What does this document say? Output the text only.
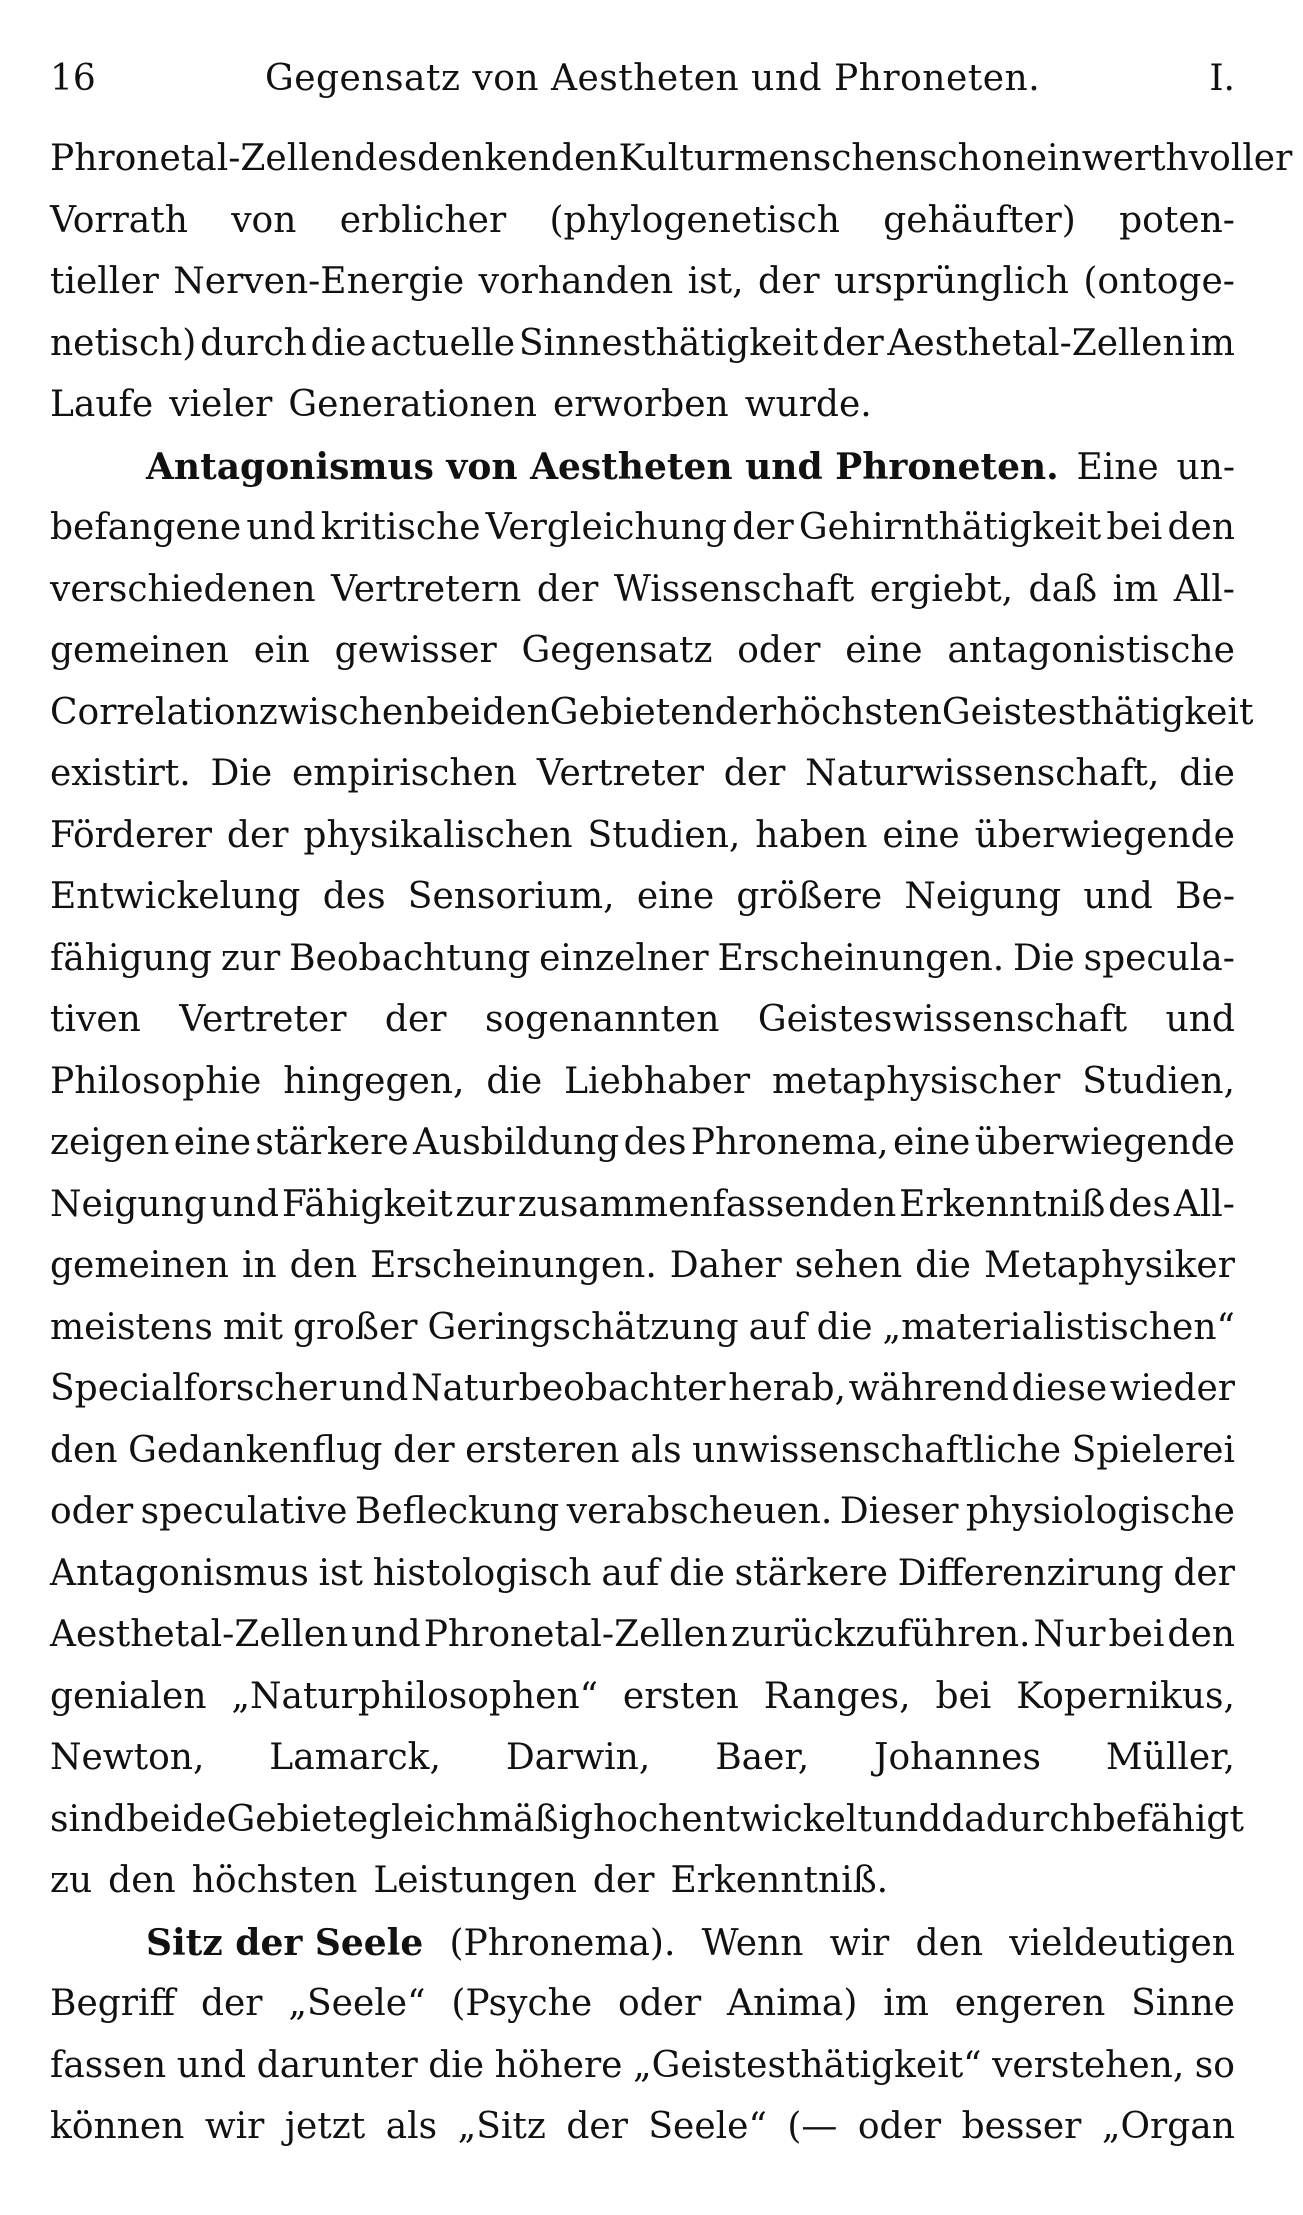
16	Gegensatz von Aestheten und Phroneten.	I.
Phronetal-Zellen des denkenden Kulturmenschen schon ein werthvoller
Vorrath von erblicher (phylogenetisch gehäufter) poten-
tieller Nerven-Energie vorhanden ist, der ursprünglich (ontoge-
netisch) durch die actuelle Sinnesthätigkeit der Aesthetal-Zellen im
Laufe vieler Generationen erworben wurde.
Antagonismus von Aestheten und Phroneten. Eine un-
befangene und kritische Vergleichung der Gehirnthätigkeit bei den
verschiedenen Vertretern der Wissenschaft ergiebt, daß im All-
gemeinen ein gewisser Gegensatz oder eine antagonistische
Correlation zwischen beiden Gebieten der höchsten Geistesthätigkeit
existirt. Die empirischen Vertreter der Naturwissenschaft, die
Förderer der physikalischen Studien, haben eine überwiegende
Entwickelung des Sensorium, eine größere Neigung und Be-
fähigung zur Beobachtung einzelner Erscheinungen. Die specula-
tiven Vertreter der sogenannten Geisteswissenschaft und
Philosophie hingegen, die Liebhaber metaphysischer Studien,
zeigen eine stärkere Ausbildung des Phronema, eine überwiegende
Neigung und Fähigkeit zur zusammenfassenden Erkenntniß des All-
gemeinen in den Erscheinungen. Daher sehen die Metaphysiker
meistens mit großer Geringschätzung auf die „materialistischen“
Specialforscher und Naturbeobachter herab, während diese wieder
den Gedankenflug der ersteren als unwissenschaftliche Spielerei
oder speculative Befleckung verabscheuen. Dieser physiologische
Antagonismus ist histologisch auf die stärkere Differenzirung der
Aesthetal-Zellen und Phronetal-Zellen zurückzuführen. Nur bei den
genialen „Naturphilosophen“ ersten Ranges, bei Kopernikus,
Newton, Lamarck, Darwin, Baer, Johannes Müller,
sind beide Gebiete gleichmäßig hoch entwickelt und dadurch befähigt
zu den höchsten Leistungen der Erkenntniß.
Sitz der Seele (Phronema). Wenn wir den vieldeutigen
Begriff der „Seele“ (Psyche oder Anima) im engeren Sinne
fassen und darunter die höhere „Geistesthätigkeit“ verstehen, so
können wir jetzt als „Sitz der Seele“ (— oder besser „Organ
